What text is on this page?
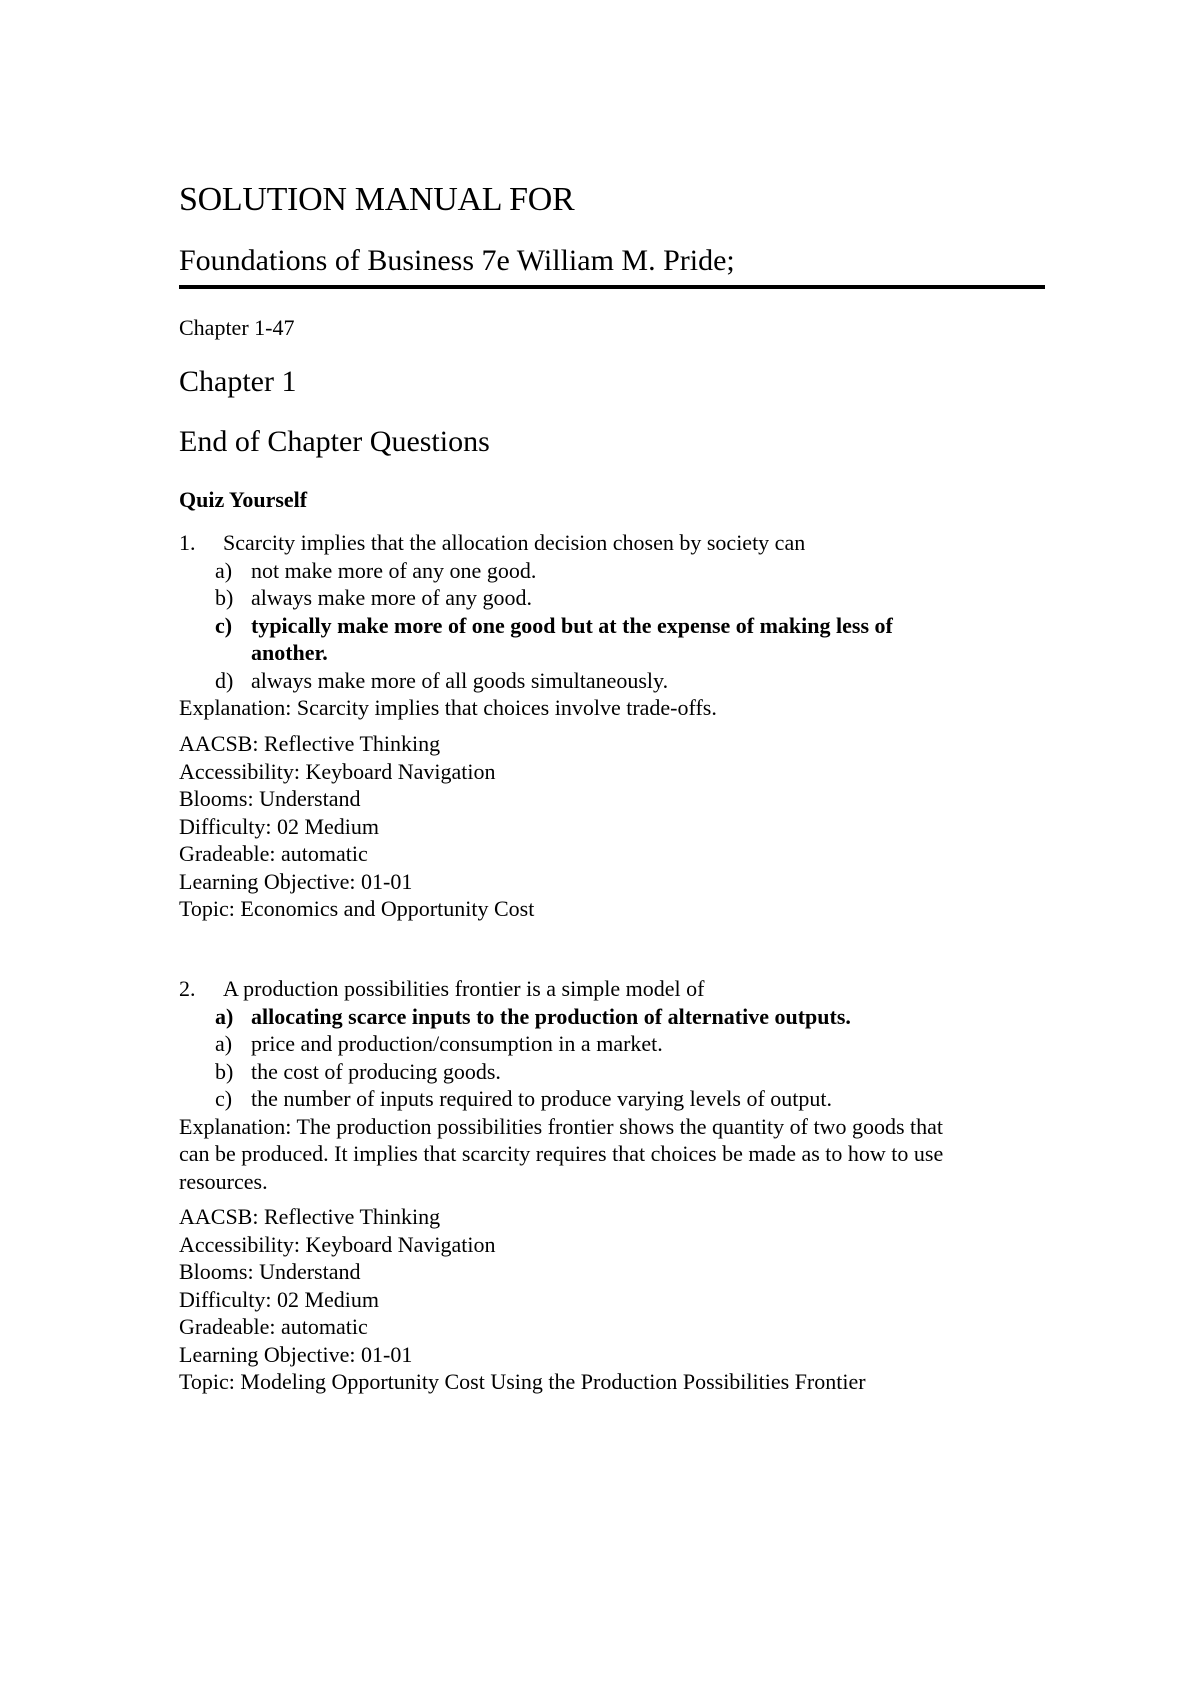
SOLUTION MANUAL FOR
Foundations of Business 7e William M. Pride;
Chapter 1-47
Chapter 1
End of Chapter Questions
Quiz Yourself
1. Scarcity implies that the allocation decision chosen by society can
a) not make more of any one good.
b) always make more of any good.
c) typically make more of one good but at the expense of making less of
another.
d) always make more of all goods simultaneously.
Explanation: Scarcity implies that choices involve trade-offs.
AACSB: Reflective Thinking
Accessibility: Keyboard Navigation
Blooms: Understand
Difficulty: 02 Medium
Gradeable: automatic
Learning Objective: 01-01
Topic: Economics and Opportunity Cost
2. A production possibilities frontier is a simple model of
a) allocating scarce inputs to the production of alternative outputs.
a) price and production/consumption in a market.
b) the cost of producing goods.
c) the number of inputs required to produce varying levels of output.
Explanation: The production possibilities frontier shows the quantity of two goods that
can be produced. It implies that scarcity requires that choices be made as to how to use
resources.
AACSB: Reflective Thinking
Accessibility: Keyboard Navigation
Blooms: Understand
Difficulty: 02 Medium
Gradeable: automatic
Learning Objective: 01-01
Topic: Modeling Opportunity Cost Using the Production Possibilities Frontier
